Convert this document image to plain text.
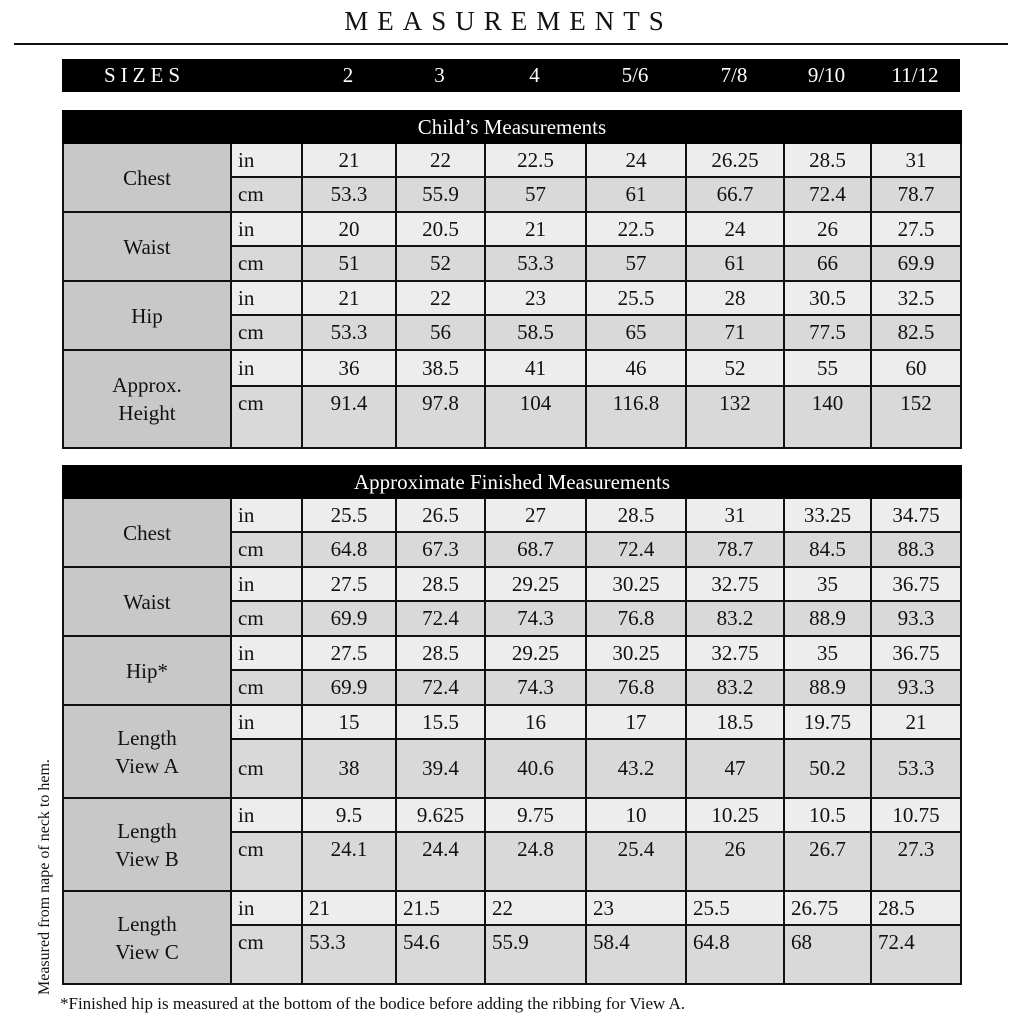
MEASUREMENTS
SIZES	2	3	4	5/6	7/8	9/10	11/12
Child’s Measurements								
Chest	in	21	22	22.5	24	26.25	28.5	31
	cm	53.3	55.9	57	61	66.7	72.4	78.7
Waist	in	20	20.5	21	22.5	24	26	27.5
	cm	51	52	53.3	57	61	66	69.9
Hip	in	21	22	23	25.5	28	30.5	32.5
	cm	53.3	56	58.5	65	71	77.5	82.5

Approx.
Height	in	36	38.5	41	46	52	55	60
	cm	91.4	97.8	104	116.8	132	140	152
Approximate Finished Measurements								
Chest	in	25.5	26.5	27	28.5	31	33.25	34.75
	cm	64.8	67.3	68.7	72.4	78.7	84.5	88.3
Waist	in	27.5	28.5	29.25	30.25	32.75	35	36.75
	cm	69.9	72.4	74.3	76.8	83.2	88.9	93.3
Hip*	in	27.5	28.5	29.25	30.25	32.75	35	36.75
	cm	69.9	72.4	74.3	76.8	83.2	88.9	93.3

Length
View A	in	15	15.5	16	17	18.5	19.75	21
	cm	38	39.4	40.6	43.2	47	50.2	53.3

Length
View B	in	9.5	9.625	9.75	10	10.25	10.5	10.75
	cm	24.1	24.4	24.8	25.4	26	26.7	27.3

Length
View C	in	21	21.5	22	23	25.5	26.75	28.5
	cm	53.3	54.6	55.9	58.4	64.8	68	72.4
Measured from nape of neck to hem.
*Finished hip is measured at the bottom of the bodice before adding the ribbing for View A.
